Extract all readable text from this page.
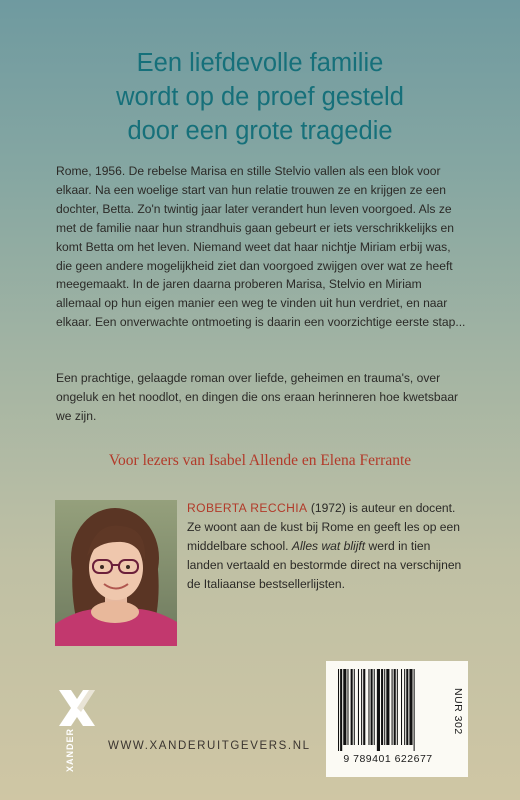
Een liefdevolle familie
wordt op de proef gesteld
door een grote tragedie

Rome, 1956. De rebelse Marisa en stille Stelvio vallen als een blok voor elkaar. Na een woelige start van hun relatie trouwen ze en krijgen ze een dochter, Betta. Zo'n twintig jaar later verandert hun leven voorgoed. Als ze met de familie naar hun strandhuis gaan gebeurt er iets verschrikkelijks en komt Betta om het leven. Niemand weet dat haar nichtje Miriam erbij was, die geen andere mogelijkheid ziet dan voorgoed zwijgen over wat ze heeft meegemaakt. In de jaren daarna proberen Marisa, Stelvio en Miriam allemaal op hun eigen manier een weg te vinden uit hun verdriet, en naar elkaar. Een onverwachte ontmoeting is daarin een voorzichtige eerste stap...

Een prachtige, gelaagde roman over liefde, geheimen en trauma's, over ongeluk en het noodlot, en dingen die ons eraan herinneren hoe kwetsbaar we zijn.

Voor lezers van Isabel Allende en Elena Ferrante

ROBERTA RECCHIA (1972) is auteur en docent. Ze woont aan de kust bij Rome en geeft les op een middelbare school. Alles wat blijft werd in tien landen vertaald en bestormde direct na verschijnen de Italiaanse bestsellerlijsten.

XANDER	WWW.XANDERUITGEVERS.NL
9 789401 622677
NUR 302
